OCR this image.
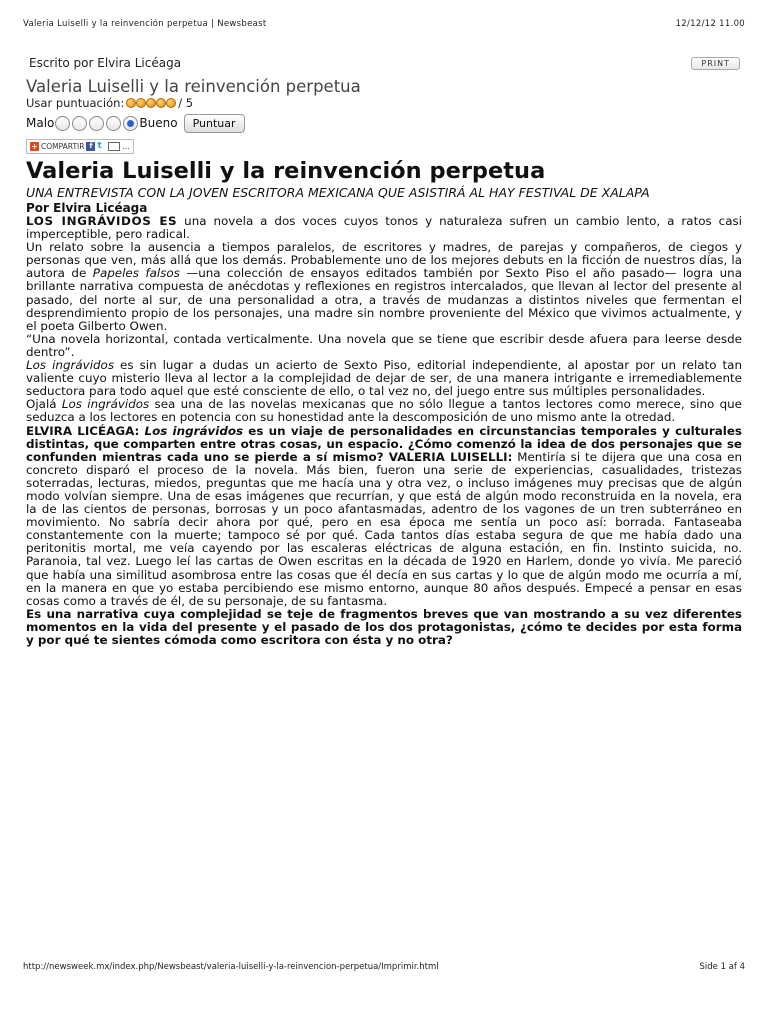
Valeria Luiselli y la reinvención perpetua | Newsbeast	12/12/12 11.00
Escrito por Elvira Licéaga	PRINT
Valeria Luiselli y la reinvención perpetua
Usar puntuación:	/ 5
Malo	Bueno	Puntuar
+ COMPARTIR f t	...
Valeria Luiselli y la reinvención perpetua
UNA ENTREVISTA CON LA JOVEN ESCRITORA MEXICANA QUE ASISTIRÁ AL HAY FESTIVAL DE XALAPA
Por Elvira Licéaga

LOS INGRÁVIDOS ES una novela a dos voces cuyos tonos y naturaleza sufren un cambio lento, a ratos casi imperceptible, pero radical.

Un relato sobre la ausencia a tiempos paralelos, de escritores y madres, de parejas y compañeros, de ciegos y personas que ven, más allá que los demás. Probablemente uno de los mejores debuts en la ficción de nuestros días, la autora de Papeles falsos —una colección de ensayos editados también por Sexto Piso el año pasado— logra una brillante narrativa compuesta de anécdotas y reflexiones en registros intercalados, que llevan al lector del presente al pasado, del norte al sur, de una personalidad a otra, a través de mudanzas a distintos niveles que fermentan el desprendimiento propio de los personajes, una madre sin nombre proveniente del México que vivimos actualmente, y el poeta Gilberto Owen.

“Una novela horizontal, contada verticalmente. Una novela que se tiene que escribir desde afuera para leerse desde dentro”.

Los ingrávidos es sin lugar a dudas un acierto de Sexto Piso, editorial independiente, al apostar por un relato tan valiente cuyo misterio lleva al lector a la complejidad de dejar de ser, de una manera intrigante e irremediablemente seductora para todo aquel que esté consciente de ello, o tal vez no, del juego entre sus múltiples personalidades.

Ojalá Los ingrávidos sea una de las novelas mexicanas que no sólo llegue a tantos lectores como merece, sino que seduzca a los lectores en potencia con su honestidad ante la descomposición de uno mismo ante la otredad.

ELVIRA LICÉAGA: Los ingrávidos es un viaje de personalidades en circunstancias temporales y culturales distintas, que comparten entre otras cosas, un espacio. ¿Cómo comenzó la idea de dos personajes que se confunden mientras cada uno se pierde a sí mismo? VALERIA LUISELLI: Mentiría si te dijera que una cosa en concreto disparó el proceso de la novela. Más bien, fueron una serie de experiencias, casualidades, tristezas soterradas, lecturas, miedos, preguntas que me hacía una y otra vez, o incluso imágenes muy precisas que de algún modo volvían siempre. Una de esas imágenes que recurrían, y que está de algún modo reconstruida en la novela, era la de las cientos de personas, borrosas y un poco afantasmadas, adentro de los vagones de un tren subterráneo en movimiento. No sabría decir ahora por qué, pero en esa época me sentía un poco así: borrada. Fantaseaba constantemente con la muerte; tampoco sé por qué. Cada tantos días estaba segura de que me había dado una peritonitis mortal, me veía cayendo por las escaleras eléctricas de alguna estación, en fin. Instinto suicida, no. Paranoia, tal vez. Luego leí las cartas de Owen escritas en la década de 1920 en Harlem, donde yo vivía. Me pareció que había una similitud asombrosa entre las cosas que él decía en sus cartas y lo que de algún modo me ocurría a mí, en la manera en que yo estaba percibiendo ese mismo entorno, aunque 80 años después. Empecé a pensar en esas cosas como a través de él, de su personaje, de su fantasma.

Es una narrativa cuya complejidad se teje de fragmentos breves que van mostrando a su vez diferentes momentos en la vida del presente y el pasado de los dos protagonistas, ¿cómo te decides por esta forma y por qué te sientes cómoda como escritora con ésta y no otra?

http://newsweek.mx/index.php/Newsbeast/valeria-luiselli-y-la-reinvencion-perpetua/Imprimir.html	Side 1 af 4
